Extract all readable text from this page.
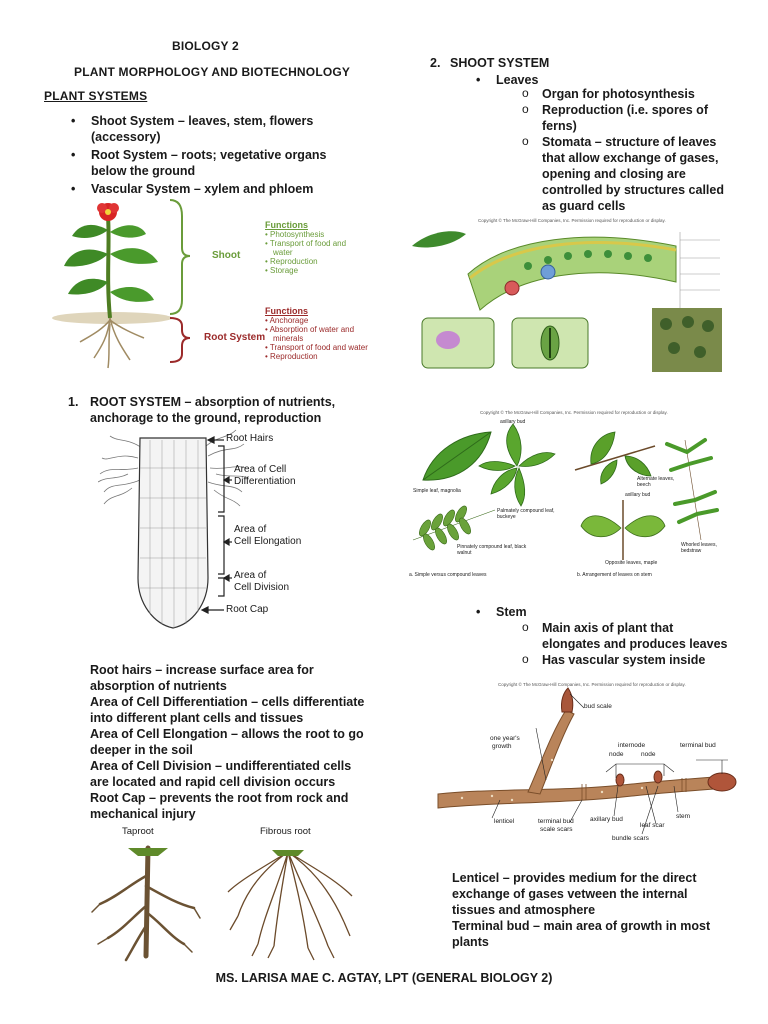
BIOLOGY 2
PLANT MORPHOLOGY AND BIOTECHNOLOGY
PLANT SYSTEMS
• Shoot System – leaves, stem, flowers (accessory)
• Root System – roots; vegetative organs below the ground
• Vascular System – xylem and phloem
Shoot
Root System
Functions
• Photosynthesis
• Transport of food and
water
• Reproduction
• Storage
Functions
• Anchorage
• Absorption of water and
minerals
• Transport of food and water
• Reproduction
1. ROOT SYSTEM – absorption of nutrients, anchorage to the ground, reproduction
Root Hairs
Area of Cell
Differentiation
Area of
Cell Elongation
Area of
Cell Division
Root Cap
Root hairs – increase surface area for absorption of nutrients
Area of Cell Differentiation – cells differentiate into different plant cells and tissues
Area of Cell Elongation – allows the root to go deeper in the soil
Area of Cell Division – undifferentiated cells are located and rapid cell division occurs
Root Cap – prevents the root from rock and mechanical injury
Taproot	Fibrous root
2. SHOOT SYSTEM
• Leaves
o Organ for photosynthesis
o Reproduction (i.e. spores of ferns)
o Stomata – structure of leaves that allow exchange of gases, opening and closing are controlled by structures called as guard cells
Copyright © The McGraw-Hill Companies, Inc. Permission required for reproduction or display.
Copyright © The McGraw-Hill Companies, Inc. Permission required for reproduction or display.
axillary bud
Simple leaf, magnolia
Palmately compound leaf, buckeye
Pinnately compound leaf, black walnut
Alternate leaves, beech
axillary bud
Opposite leaves, maple
Whorled leaves, bedstraw
a. Simple versus compound leaves	b. Arrangement of leaves on stem
• Stem
o Main axis of plant that elongates and produces leaves
o Has vascular system inside
Copyright © The McGraw-Hill Companies, Inc. Permission required for reproduction or display.
bud scale
one year's
growth	internode
node	node
terminal bud
lenticel	terminal bud
scale scars
axillary bud
leaf scar
stem
bundle scars
Lenticel – provides medium for the direct exchange of gases vetween the internal tissues and atmosphere
Terminal bud – main area of growth in most plants
MS. LARISA MAE C. AGTAY, LPT (GENERAL BIOLOGY 2)
